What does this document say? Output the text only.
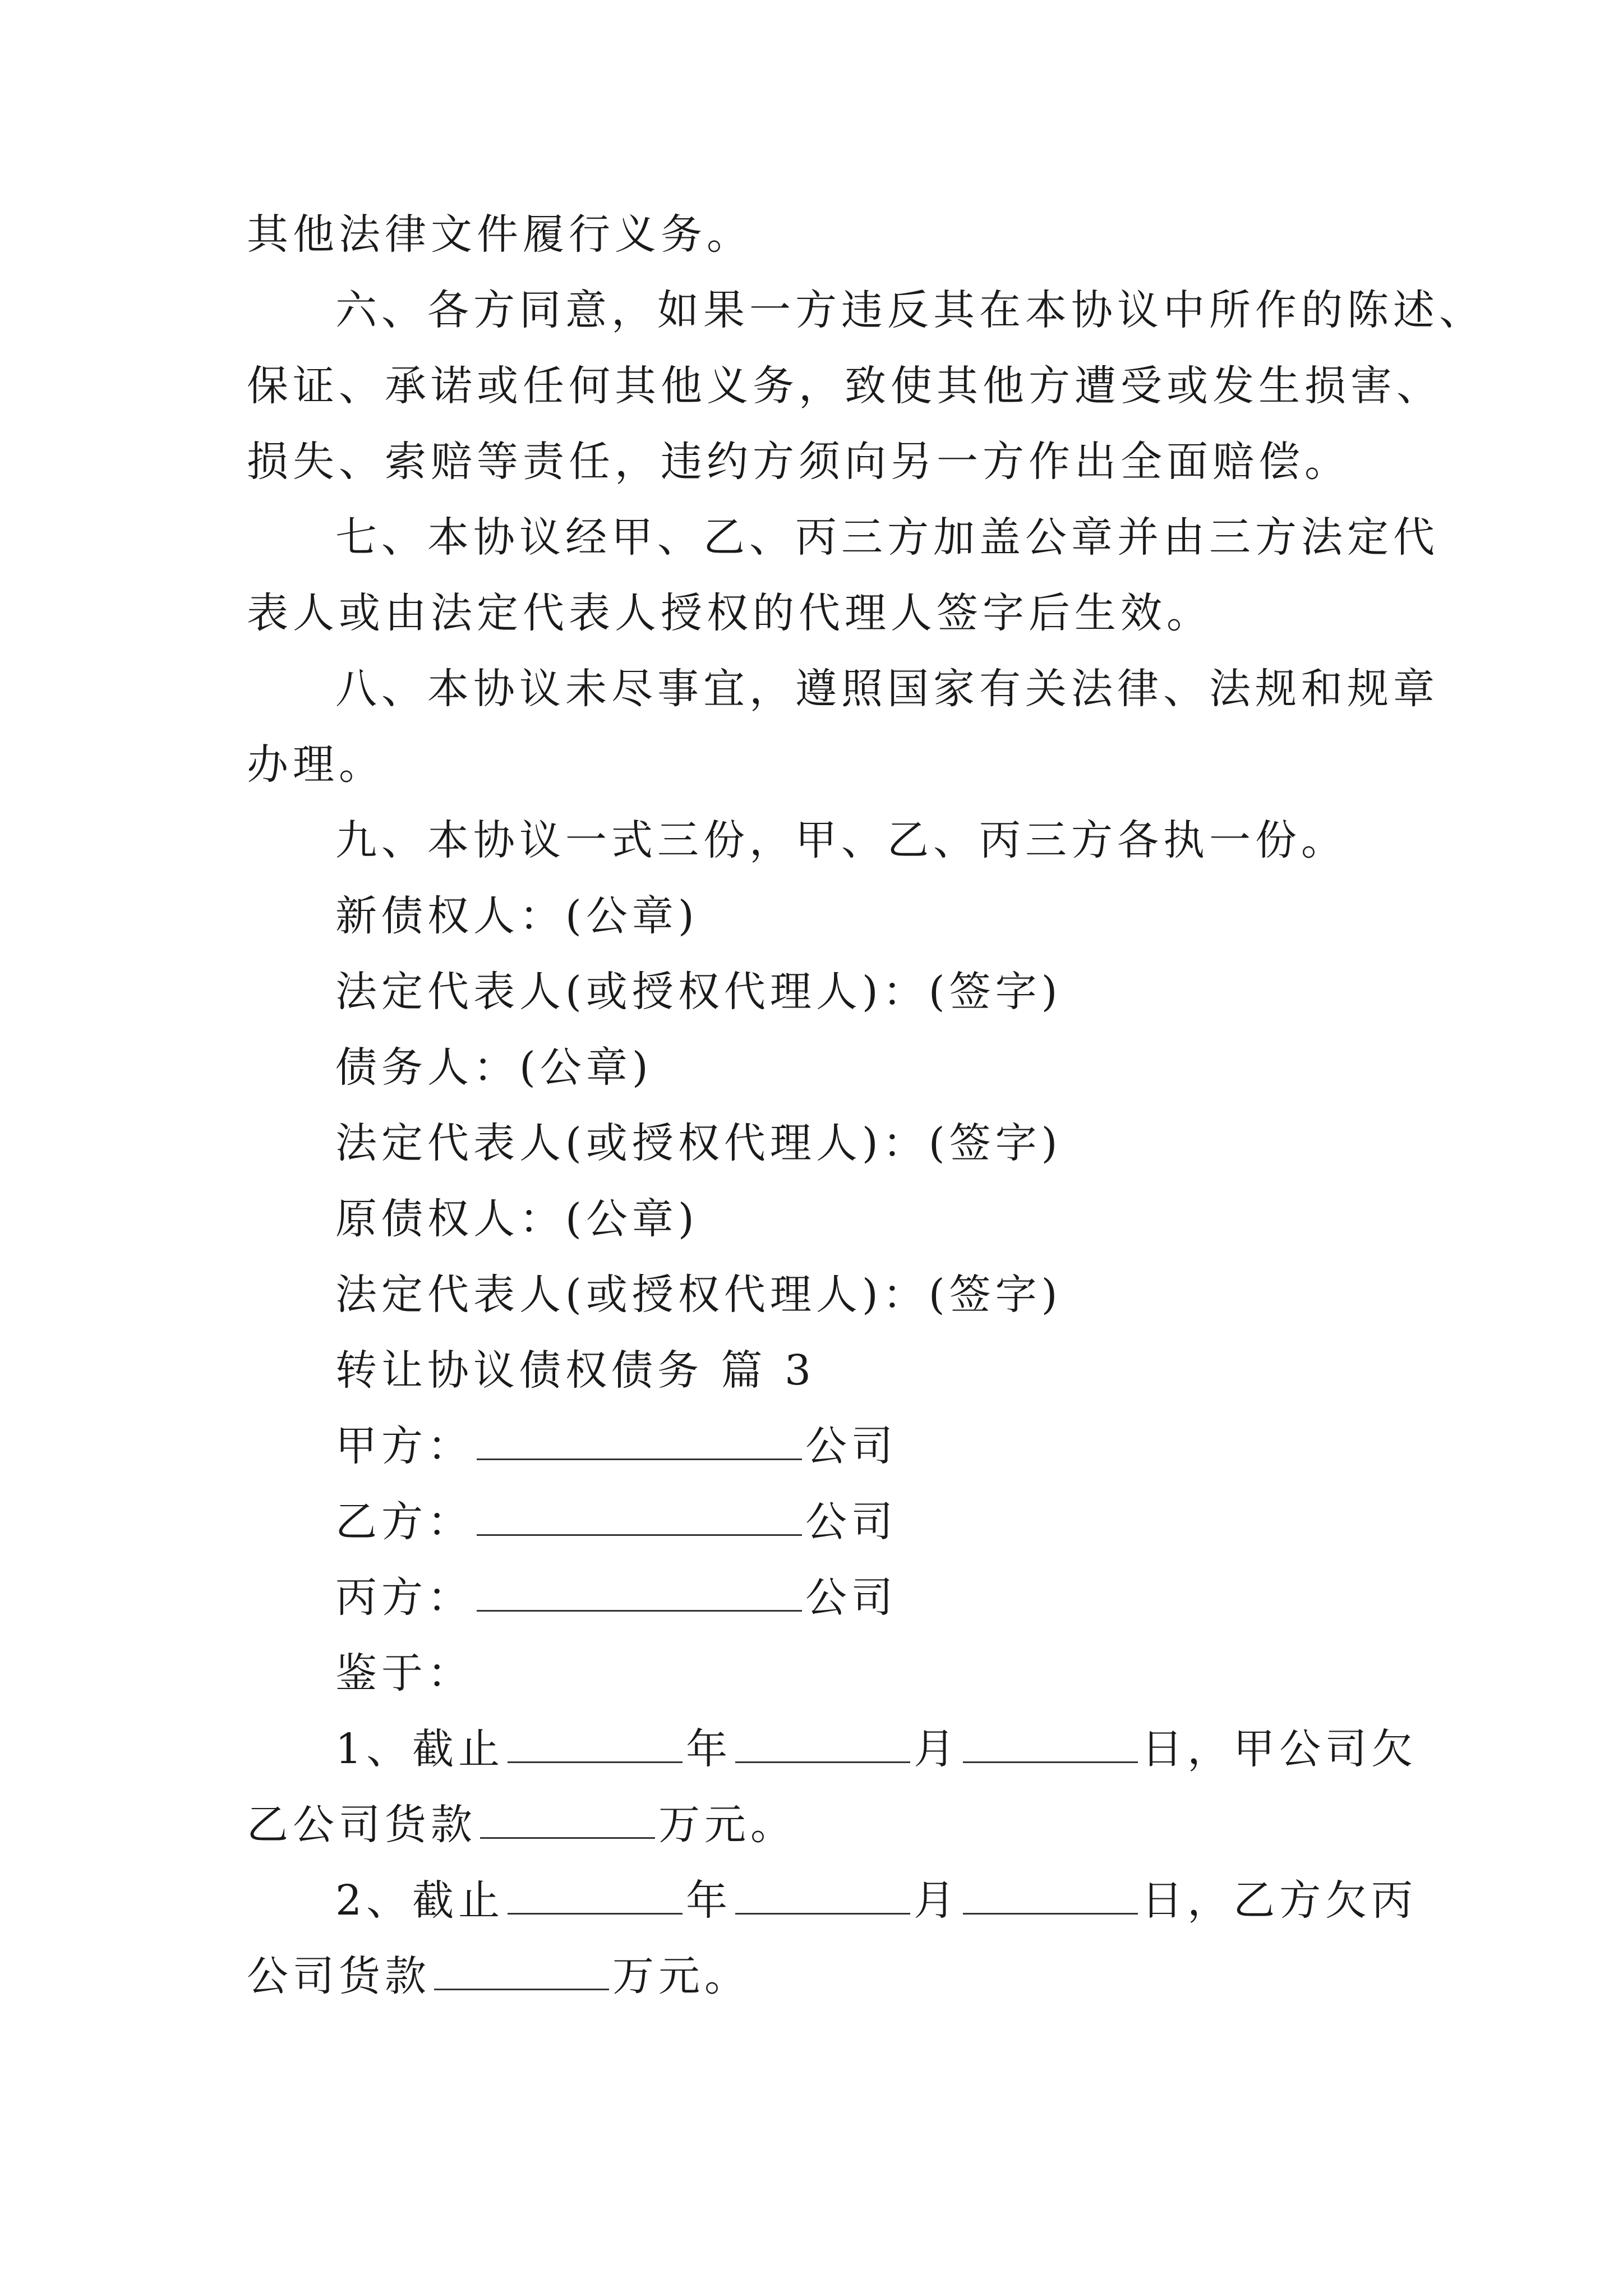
其他法律文件履行义务。
六、各方同意，如果一方违反其在本协议中所作的陈述、
保证、承诺或任何其他义务，致使其他方遭受或发生损害、
损失、索赔等责任，违约方须向另一方作出全面赔偿。
七、本协议经甲、乙、丙三方加盖公章并由三方法定代
表人或由法定代表人授权的代理人签字后生效。
八、本协议未尽事宜，遵照国家有关法律、法规和规章
办理。
九、本协议一式三份，甲、乙、丙三方各执一份。
新债权人：(公章)
法定代表人(或授权代理人)：(签字)
债务人：(公章)
法定代表人(或授权代理人)：(签字)
原债权人：(公章)
法定代表人(或授权代理人)：(签字)
转让协议债权债务 篇 3
甲方：	公司
乙方：	公司
丙方：	公司
鉴于：
1、截止	年	月	日，甲公司欠
乙公司货款	万元。
2、截止	年	月	日，乙方欠丙
公司货款	万元。
